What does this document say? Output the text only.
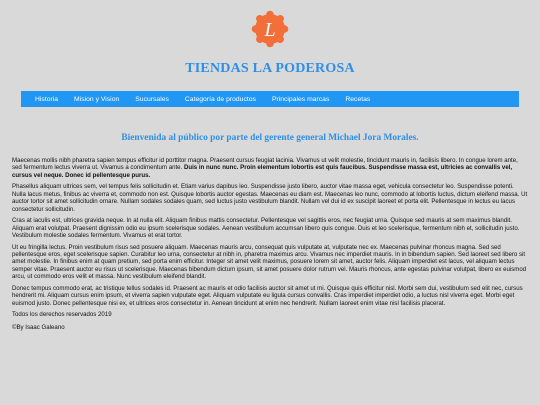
L
TIENDAS LA PODEROSA
Historia	Mision y Vision	Sucursales	Categoría de productos	Principales marcas	Recetas
Bienvenida al público por parte del gerente general Michael Jora Morales.

Maecenas mollis nibh pharetra sapien tempus efficitur id porttitor magna. Praesent cursus feugiat lacinia. Vivamus ut velit molestie, tincidunt mauris in, facilisis libero. In congue lorem ante, sed fermentum lectus viverra ut. Vivamus a condimentum ante. Duis in nunc nunc. Proin elementum lobortis est quis faucibus. Suspendisse massa est, ultricies ac convallis vel, cursus vel neque. Donec id pellentesque purus.

Phasellus aliquam ultrices sem, vel tempus felis sollicitudin et. Etiam varius dapibus leo. Suspendisse justo libero, auctor vitae massa eget, vehicula consectetur leo. Suspendisse potenti. Nulla lacus metus, finibus ac viverra et, commodo non est. Quisque lobortis auctor egestas. Maecenas eu diam est. Maecenas leo nunc, commodo at lobortis luctus, dictum eleifend massa. Ut auctor tortor sit amet sollicitudin ornare. Nullam sodales sodales quam, sed luctus justo vestibulum blandit. Nullam vel dui id ex suscipit laoreet et porta elit. Pellentesque in lectus eu lacus consectetur sollicitudin.

Cras at iaculis est, ultrices gravida neque. In at nulla elit. Aliquam finibus mattis consectetur. Pellentesque vel sagittis eros, nec feugiat urna. Quisque sed mauris at sem maximus blandit. Aliquam erat volutpat. Praesent dignissim odio eu ipsum scelerisque sodales. Aenean vestibulum accumsan libero quis congue. Duis et leo scelerisque, fermentum nibh et, sollicitudin justo. Vestibulum molestie sodales fermentum. Vivamus et erat tortor.

Ut eu fringilla lectus. Proin vestibulum risus sed posuere aliquam. Maecenas mauris arcu, consequat quis vulputate at, vulputate nec ex. Maecenas pulvinar rhoncus magna. Sed sed pellentesque eros, eget scelerisque sapien. Curabitur leo urna, consectetur at nibh in, pharetra maximus arcu. Vivamus nec imperdiet mauris. In in bibendum sapien. Sed laoreet sed libero sit amet molestie. In finibus enim at quam pretium, sed porta enim efficitur. Integer sit amet velit maximus, posuere lorem sit amet, auctor felis. Aliquam imperdiet est lacus, vel aliquam lectus semper vitae. Praesent auctor eu risus ut scelerisque. Maecenas bibendum dictum ipsum, sit amet posuere dolor rutrum vel. Mauris rhoncus, ante egestas pulvinar volutpat, libero ex euismod arcu, ut commodo eros velit et massa. Nunc vestibulum eleifend blandit.

Donec tempus commodo erat, ac tristique tellus sodales id. Praesent ac mauris et odio facilisis auctor sit amet ut mi. Quisque quis efficitur nisl. Morbi sem dui, vestibulum sed elit nec, cursus hendrerit mi. Aliquam cursus enim ipsum, et viverra sapien vulputate eget. Aliquam vulputate eu ligula cursus convallis. Cras imperdiet imperdiet odio, a luctus nisl viverra eget. Morbi eget euismod justo. Donec pellentesque nisi ex, et ultrices eros consectetur in. Aenean tincidunt at enim nec hendrerit. Nullam laoreet enim vitae nisl facilisis placerat.

Todos los derechos reservados 2019
©By Isaac Galeano
